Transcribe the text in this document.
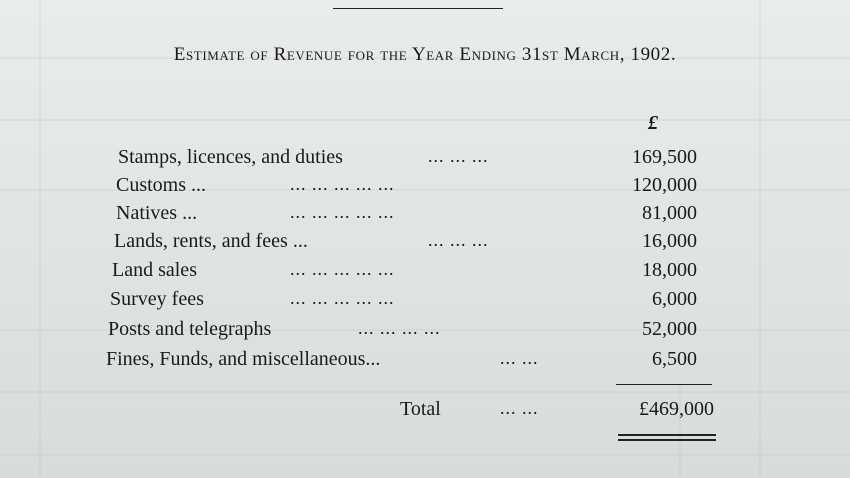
Estimate of Revenue for the Year Ending 31st March, 1902.
£
Stamps, licences, and duties	... ... ...	169,500
Customs ...	... ... ... ... ...	120,000
Natives ...	... ... ... ... ...	81,000
Lands, rents, and fees ...	... ... ...	16,000
Land sales	... ... ... ... ...	18,000
Survey fees	... ... ... ... ...	6,000
Posts and telegraphs	... ... ... ...	52,000
Fines, Funds, and miscellaneous...	... ...	6,500
Total	... ...	£469,000
